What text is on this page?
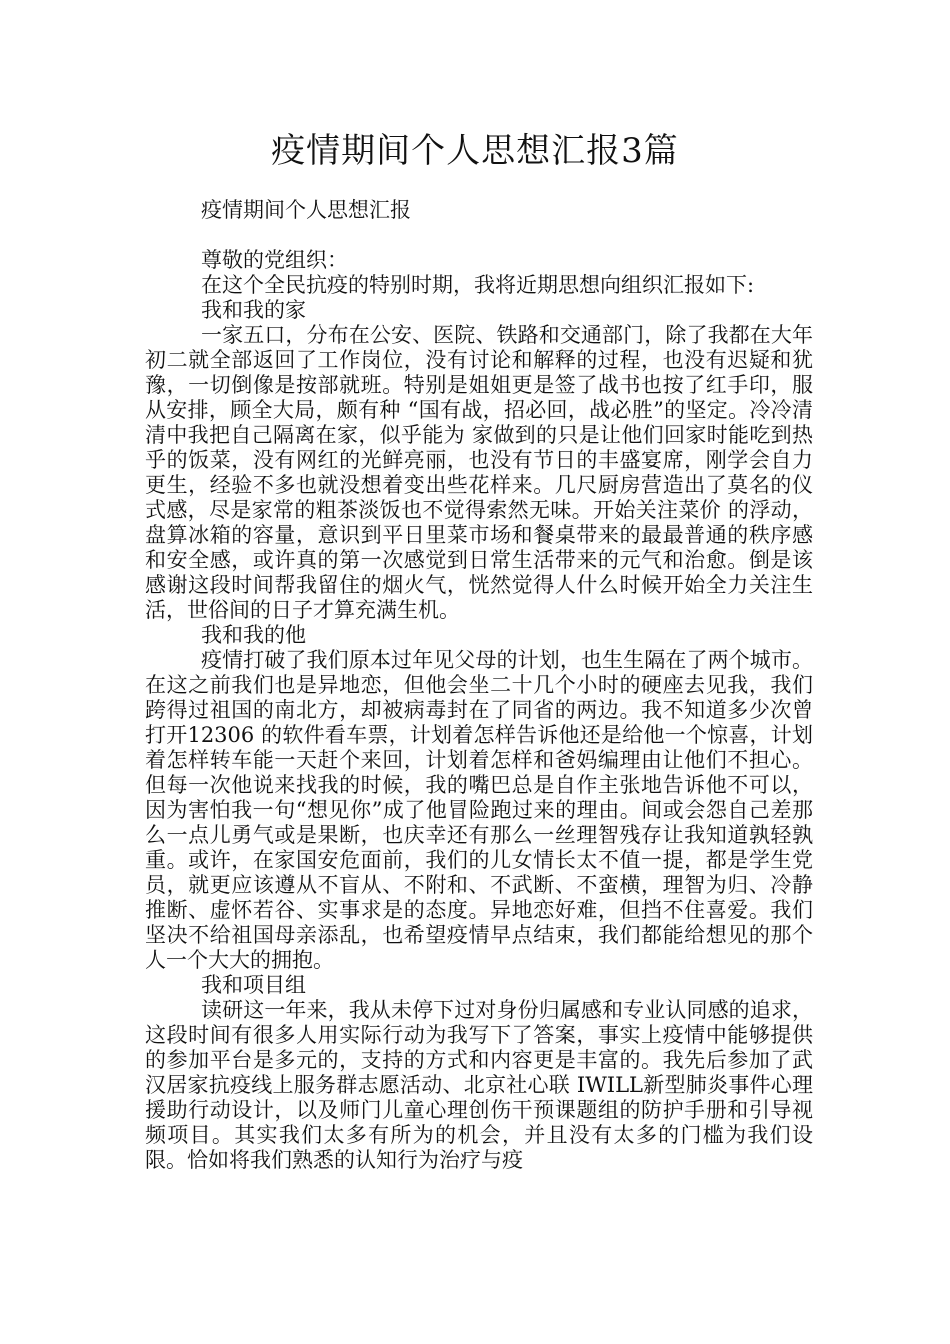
疫情期间个人思想汇报3篇

疫情期间个人思想汇报

尊敬的党组织：

在这个全民抗疫的特别时期，我将近期思想向组织汇报如下:

我和我的家

一家五口，分布在公安、医院、铁路和交通部门，除了我都在大年初二就全部返回了工作岗位，没有讨论和解释的过程，也没有迟疑和犹豫，一切倒像是按部就班。特别是姐姐更是签了战书也按了红手印，服从安排，顾全大局，颇有种 “国有战，招必回，战必胜”的坚定。冷冷清清中我把自己隔离在家，似乎能为 家做到的只是让他们回家时能吃到热乎的饭菜，没有网红的光鲜亮丽，也没有节日的丰盛宴席，刚学会自力更生，经验不多也就没想着变出些花样来。几尺厨房营造出了莫名的仪式感，尽是家常的粗茶淡饭也不觉得索然无味。开始关注菜价 的浮动，盘算冰箱的容量，意识到平日里菜市场和餐桌带来的最最普通的秩序感和安全感，或许真的第一次感觉到日常生活带来的元气和治愈。倒是该感谢这段时间帮我留住的烟火气，恍然觉得人什么时候开始全力关注生活，世俗间的日子才算充满生机。

我和我的他

疫情打破了我们原本过年见父母的计划，也生生隔在了两个城市。在这之前我们也是异地恋，但他会坐二十几个小时的硬座去见我，我们跨得过祖国的南北方，却被病毒封在了同省的两边。我不知道多少次曾打开12306 的软件看车票，计划着怎样告诉他还是给他一个惊喜，计划着怎样转车能一天赶个来回，计划着怎样和爸妈编理由让他们不担心。但每一次他说来找我的时候，我的嘴巴总是自作主张地告诉他不可以，因为害怕我一句“想见你”成了他冒险跑过来的理由。间或会怨自己差那么一点儿勇气或是果断，也庆幸还有那么一丝理智残存让我知道孰轻孰重。或许，在家国安危面前，我们的儿女情长太不值一提，都是学生党员，就更应该遵从不盲从、不附和、不武断、不蛮横，理智为归、冷静推断、虚怀若谷、实事求是的态度。异地恋好难，但挡不住喜爱。我们坚决不给祖国母亲添乱，也希望疫情早点结束，我们都能给想见的那个人一个大大的拥抱。

我和项目组

读研这一年来，我从未停下过对身份归属感和专业认同感的追求，这段时间有很多人用实际行动为我写下了答案，事实上疫情中能够提供的参加平台是多元的，支持的方式和内容更是丰富的。我先后参加了武汉居家抗疫线上服务群志愿活动、北京社心联 IWILL新型肺炎事件心理援助行动设计，以及师门儿童心理创伤干预课题组的防护手册和引导视频项目。其实我们太多有所为的机会，并且没有太多的门槛为我们设限。恰如将我们熟悉的认知行为治疗与疫
